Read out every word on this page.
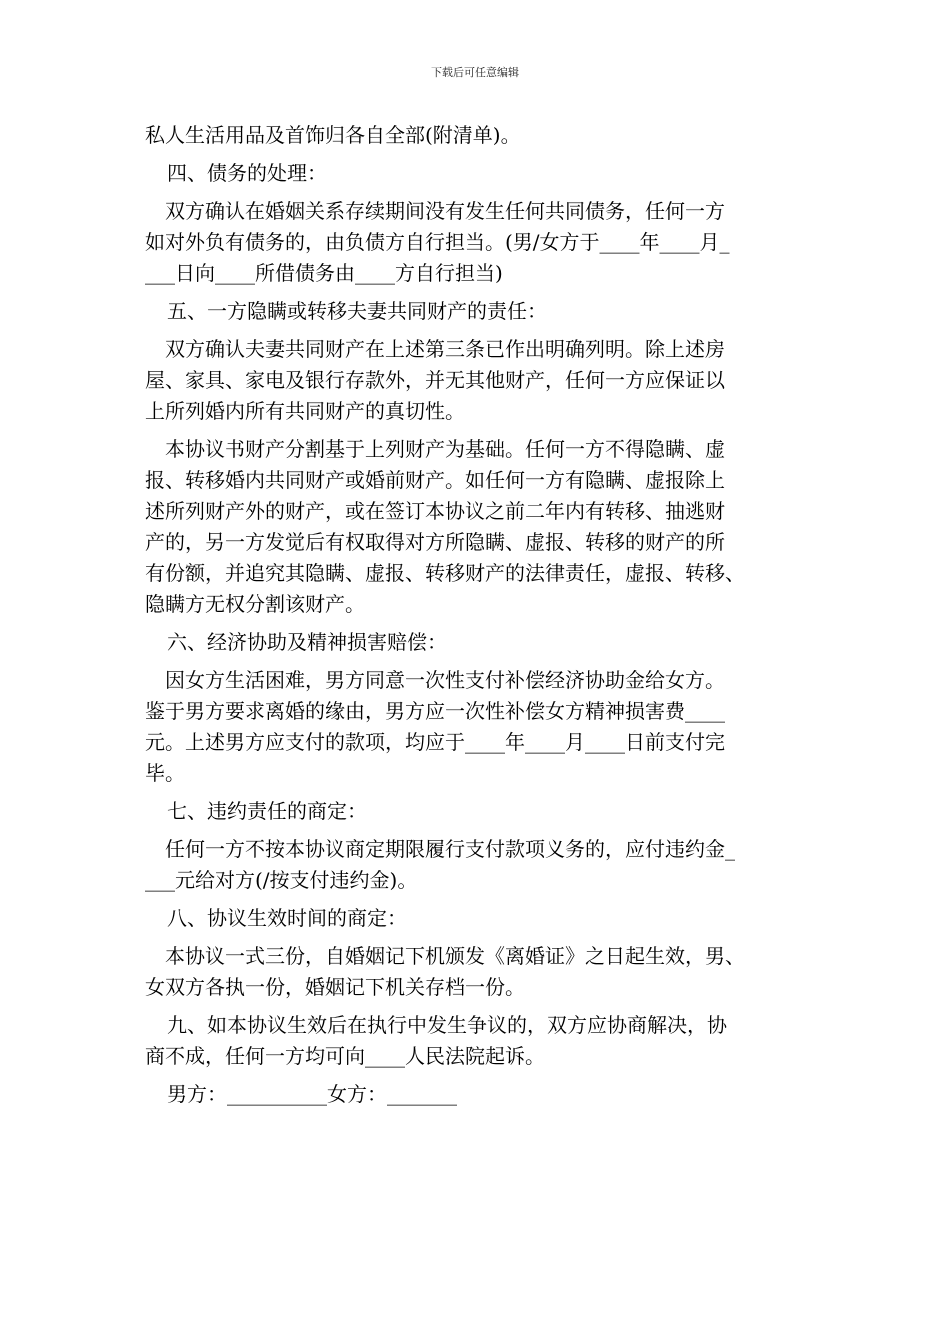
下载后可任意编辑
私人生活用品及首饰归各自全部(附清单)。
四、债务的处理：
双方确认在婚姻关系存续期间没有发生任何共同债务，任何一方
如对外负有债务的，由负债方自行担当。(男/女方于____年____月_
___日向____所借债务由____方自行担当)
五、一方隐瞒或转移夫妻共同财产的责任：
双方确认夫妻共同财产在上述第三条已作出明确列明。除上述房
屋、家具、家电及银行存款外，并无其他财产，任何一方应保证以
上所列婚内所有共同财产的真切性。
本协议书财产分割基于上列财产为基础。任何一方不得隐瞒、虚
报、转移婚内共同财产或婚前财产。如任何一方有隐瞒、虚报除上
述所列财产外的财产，或在签订本协议之前二年内有转移、抽逃财
产的，另一方发觉后有权取得对方所隐瞒、虚报、转移的财产的所
有份额，并追究其隐瞒、虚报、转移财产的法律责任，虚报、转移、
隐瞒方无权分割该财产。
六、经济协助及精神损害赔偿：
因女方生活困难，男方同意一次性支付补偿经济协助金给女方。
鉴于男方要求离婚的缘由，男方应一次性补偿女方精神损害费____
元。上述男方应支付的款项，均应于____年____月____日前支付完
毕。
七、违约责任的商定：
任何一方不按本协议商定期限履行支付款项义务的，应付违约金_
___元给对方(/按支付违约金)。
八、协议生效时间的商定：
本协议一式三份，自婚姻记下机颁发《离婚证》之日起生效，男、
女双方各执一份，婚姻记下机关存档一份。
九、如本协议生效后在执行中发生争议的，双方应协商解决，协
商不成，任何一方均可向____人民法院起诉。
男方：__________女方：_______
